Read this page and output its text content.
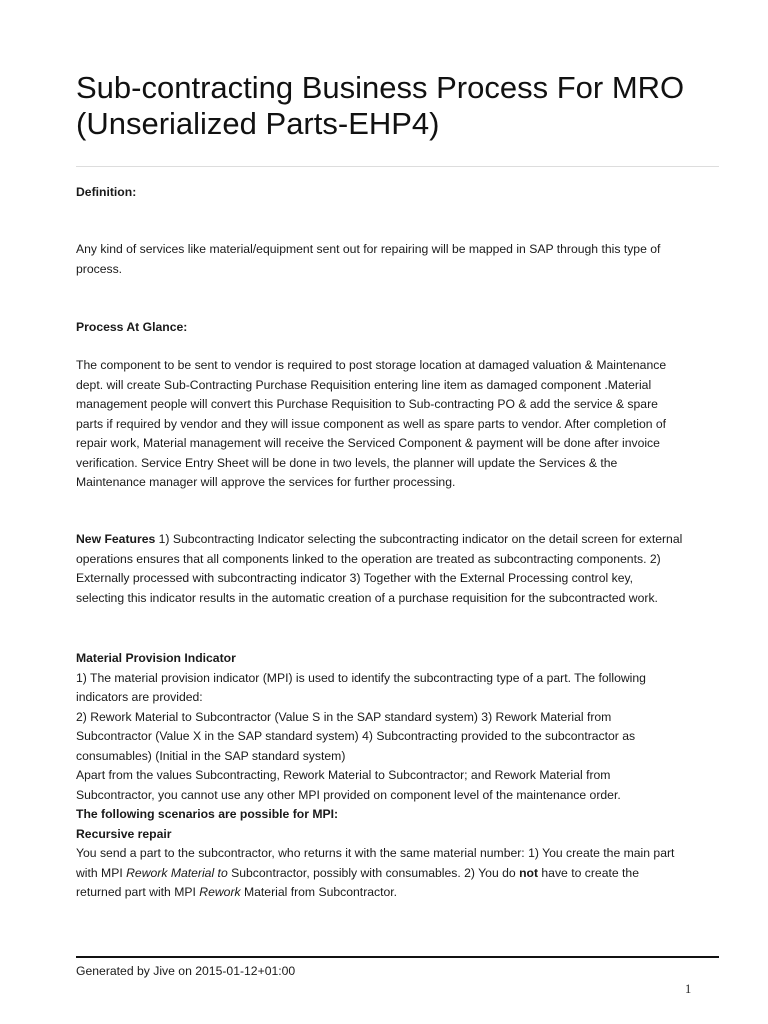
Sub-contracting Business Process For MRO
(Unserialized Parts-EHP4)

Definition:

Any kind of services like material/equipment sent out for repairing will be mapped in SAP through this type of process.

Process At Glance:

The component to be sent to vendor is required to post storage location at damaged valuation & Maintenance dept. will create Sub-Contracting Purchase Requisition entering line item as damaged component .Material management people will convert this Purchase Requisition to Sub-contracting PO & add the service & spare parts if required by vendor and they will issue component as well as spare parts to vendor. After completion of repair work, Material management will receive the Serviced Component & payment will be done after invoice verification. Service Entry Sheet will be done in two levels, the planner will update the Services & the Maintenance manager will approve the services for further processing.

New Features 1) Subcontracting Indicator selecting the subcontracting indicator on the detail screen for external operations ensures that all components linked to the operation are treated as subcontracting components. 2) Externally processed with subcontracting indicator 3) Together with the External Processing control key, selecting this indicator results in the automatic creation of a purchase requisition for the subcontracted work.

Material Provision Indicator

1) The material provision indicator (MPI) is used to identify the subcontracting type of a part. The following indicators are provided:

2) Rework Material to Subcontractor (Value S in the SAP standard system) 3) Rework Material from Subcontractor (Value X in the SAP standard system) 4) Subcontracting provided to the subcontractor as consumables) (Initial in the SAP standard system)

Apart from the values Subcontracting, Rework Material to Subcontractor; and Rework Material from Subcontractor, you cannot use any other MPI provided on component level of the maintenance order.

The following scenarios are possible for MPI:

Recursive repair

You send a part to the subcontractor, who returns it with the same material number: 1) You create the main part with MPI Rework Material to Subcontractor, possibly with consumables. 2) You do not have to create the returned part with MPI Rework Material from Subcontractor.

Generated by Jive on 2015-01-12+01:00
1
